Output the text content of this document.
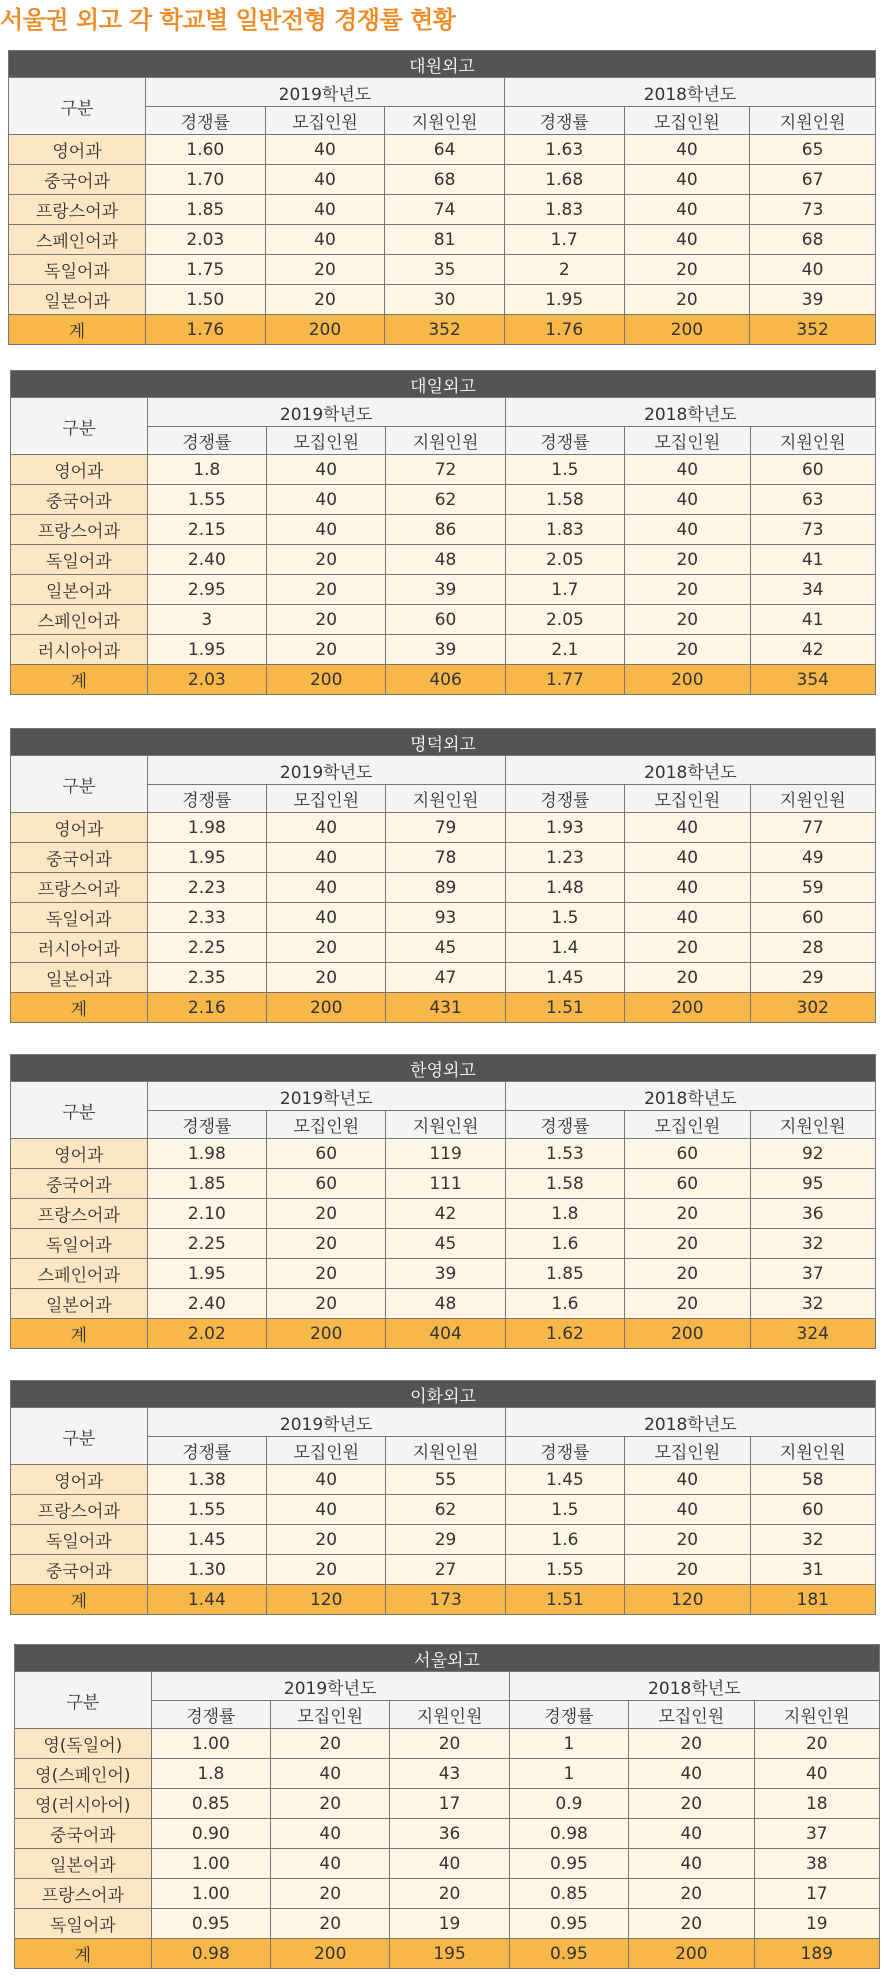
서울권 외고 각 학교별 일반전형 경쟁률 현황
대원외고						
구분	2019학년도			2018학년도		
	경쟁률	모집인원	지원인원	경쟁률	모집인원	지원인원
영어과	1.60	40	64	1.63	40	65
중국어과	1.70	40	68	1.68	40	67
프랑스어과	1.85	40	74	1.83	40	73
스페인어과	2.03	40	81	1.7	40	68
독일어과	1.75	20	35	2	20	40
일본어과	1.50	20	30	1.95	20	39
계	1.76	200	352	1.76	200	352
대일외고						
구분	2019학년도			2018학년도		
	경쟁률	모집인원	지원인원	경쟁률	모집인원	지원인원
영어과	1.8	40	72	1.5	40	60
중국어과	1.55	40	62	1.58	40	63
프랑스어과	2.15	40	86	1.83	40	73
독일어과	2.40	20	48	2.05	20	41
일본어과	2.95	20	39	1.7	20	34
스페인어과	3	20	60	2.05	20	41
러시아어과	1.95	20	39	2.1	20	42
계	2.03	200	406	1.77	200	354
명덕외고						
구분	2019학년도			2018학년도		
	경쟁률	모집인원	지원인원	경쟁률	모집인원	지원인원
영어과	1.98	40	79	1.93	40	77
중국어과	1.95	40	78	1.23	40	49
프랑스어과	2.23	40	89	1.48	40	59
독일어과	2.33	40	93	1.5	40	60
러시아어과	2.25	20	45	1.4	20	28
일본어과	2.35	20	47	1.45	20	29
계	2.16	200	431	1.51	200	302
한영외고						
구분	2019학년도			2018학년도		
	경쟁률	모집인원	지원인원	경쟁률	모집인원	지원인원
영어과	1.98	60	119	1.53	60	92
중국어과	1.85	60	111	1.58	60	95
프랑스어과	2.10	20	42	1.8	20	36
독일어과	2.25	20	45	1.6	20	32
스페인어과	1.95	20	39	1.85	20	37
일본어과	2.40	20	48	1.6	20	32
계	2.02	200	404	1.62	200	324
이화외고						
구분	2019학년도			2018학년도		
	경쟁률	모집인원	지원인원	경쟁률	모집인원	지원인원
영어과	1.38	40	55	1.45	40	58
프랑스어과	1.55	40	62	1.5	40	60
독일어과	1.45	20	29	1.6	20	32
중국어과	1.30	20	27	1.55	20	31
계	1.44	120	173	1.51	120	181
서울외고						
구분	2019학년도			2018학년도		
	경쟁률	모집인원	지원인원	경쟁률	모집인원	지원인원
영(독일어)	1.00	20	20	1	20	20
영(스페인어)	1.8	40	43	1	40	40
영(러시아어)	0.85	20	17	0.9	20	18
중국어과	0.90	40	36	0.98	40	37
일본어과	1.00	40	40	0.95	40	38
프랑스어과	1.00	20	20	0.85	20	17
독일어과	0.95	20	19	0.95	20	19
계	0.98	200	195	0.95	200	189
